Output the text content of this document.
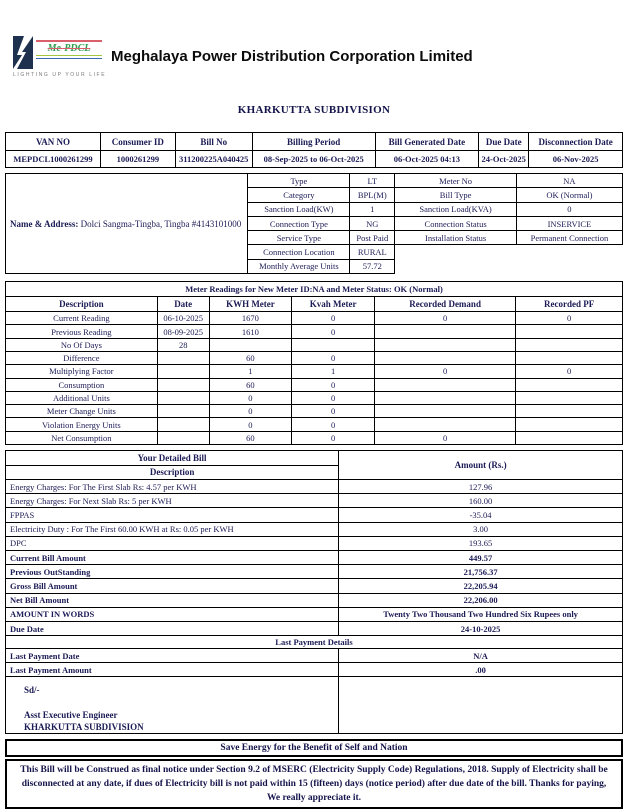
Me-PDCL
LIGHTING UP YOUR LIFE
Meghalaya Power Distribution Corporation Limited
KHARKUTTA SUBDIVISION
VAN NO	Consumer ID	Bill No	Billing Period	Bill Generated Date	Due Date	Disconnection Date
MEPDCL1000261299	1000261299	311200225A040425	08-Sep-2025 to 06-Oct-2025	06-Oct-2025 04:13	24-Oct-2025	06-Nov-2025
Name & Address: Dolci Sangma-Tingba, Tingba #4143101000	Type	LT	Meter No	NA
	Category	BPL(M)	Bill Type	OK (Normal)
	Sanction Load(KW)	1	Sanction Load(KVA)	0
	Connection Type	NG	Connection Status	INSERVICE
	Service Type	Post Paid	Installation Status	Permanent Connection
	Connection Location	RURAL		
	Monthly Average Units	57.72		
Meter Readings for New Meter ID:NA and Meter Status: OK (Normal)					
Description	Date	KWH Meter	Kvah Meter	Recorded Demand	Recorded PF
Current Reading	06-10-2025	1670	0	0	0
Previous Reading	08-09-2025	1610	0		
No Of Days	28				
Difference		60	0		
Multiplying Factor		1	1	0	0
Consumption		60	0		
Additional Units		0	0		
Meter Change Units		0	0		
Violation Energy Units		0	0		
Net Consumption		60	0	0	
Your Detailed Bill	Amount (Rs.)
Description	
Energy Charges: For The First Slab Rs: 4.57 per KWH	127.96
Energy Charges: For Next Slab Rs: 5 per KWH	160.00
FPPAS	-35.04
Electricity Duty : For The First 60.00 KWH at Rs: 0.05 per KWH	3.00
DPC	193.65
Current Bill Amount	449.57
Previous OutStanding	21,756.37
Gross Bill Amount	22,205.94
Net Bill Amount	22,206.00
AMOUNT IN WORDS	Twenty Two Thousand Two Hundred Six Rupees only
Due Date	24-10-2025
Last Payment Details	
Last Payment Date	N/A
Last Payment Amount	.00

Sd/-
Asst Executive Engineer
KHARKUTTA SUBDIVISION	

Save Energy for the Benefit of Self and Nation
This Bill will be Construed as final notice under Section 9.2 of MSERC (Electricity Supply Code) Regulations, 2018. Supply of Electricity shall be disconnected at any date, if dues of Electricity bill is not paid within 15 (fifteen) days (notice period) after due date of the bill. Thanks for paying, We really appreciate it.
